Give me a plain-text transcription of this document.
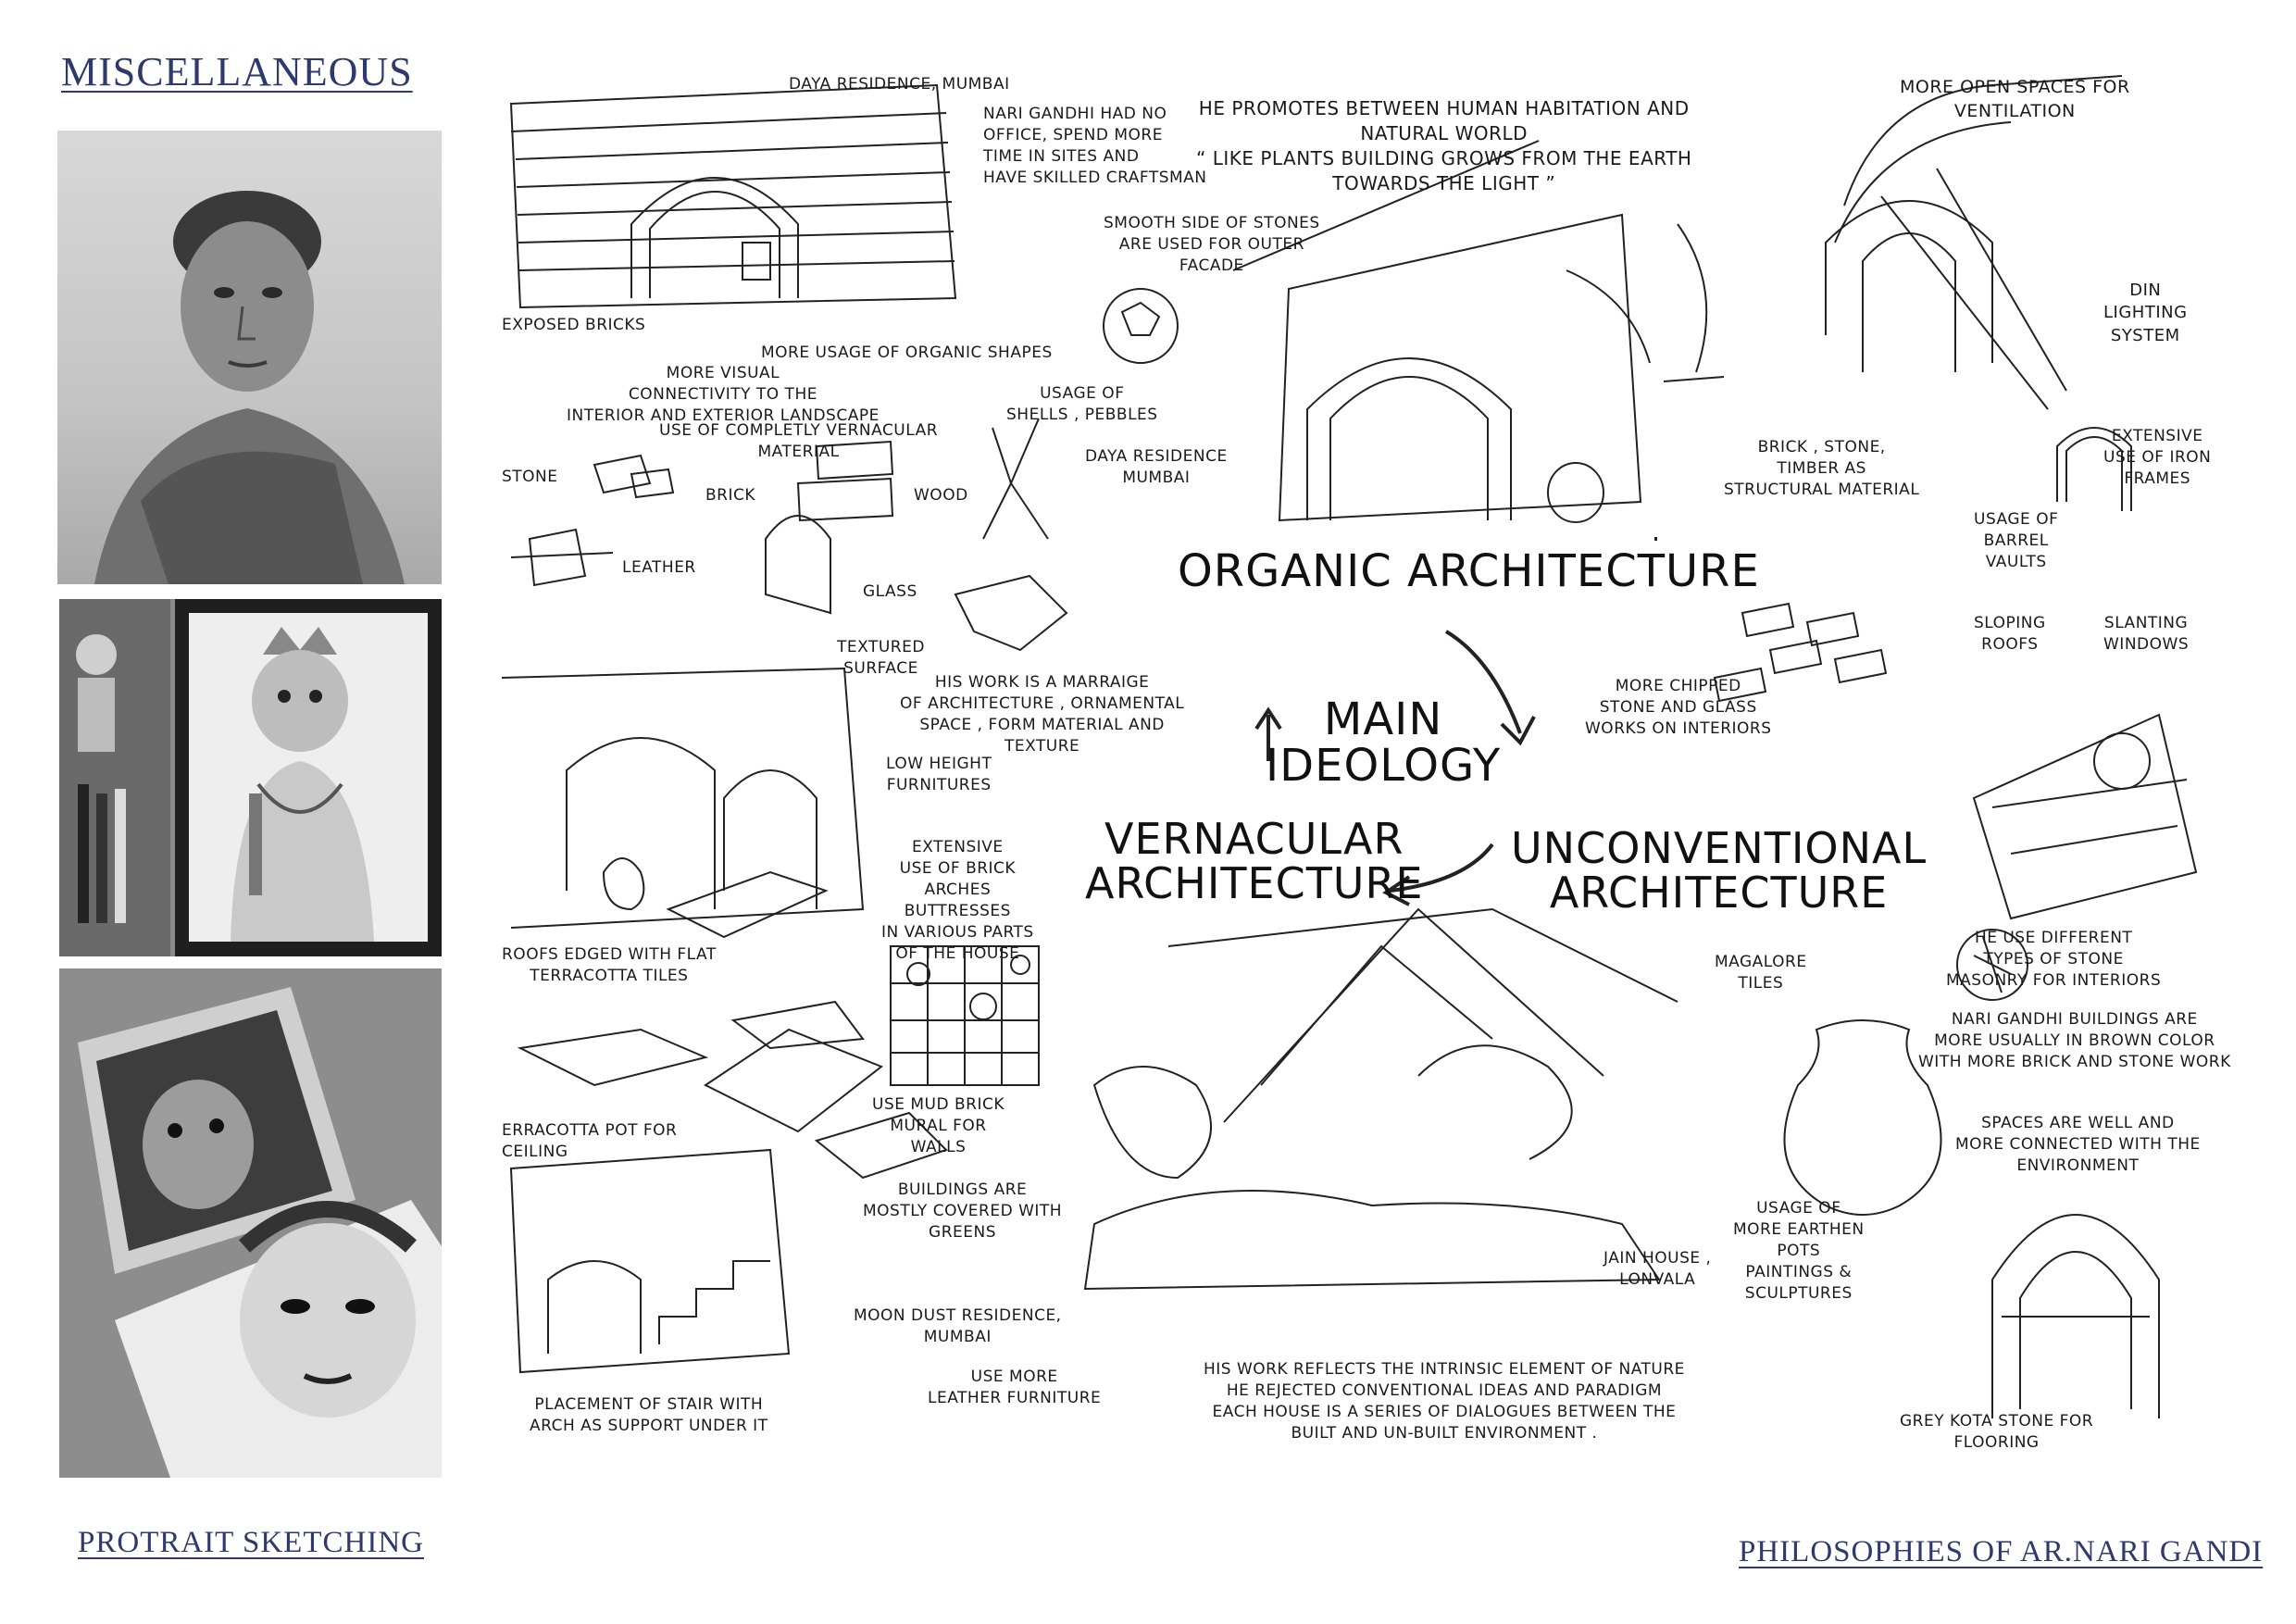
MISCELLANEOUS
PROTRAIT SKETCHING
ORGANIC ARCHITECTURE
MAIN
IDEOLOGY
VERNACULAR
ARCHITECTURE
UNCONVENTIONAL
ARCHITECTURE
DAYA RESIDENCE, MUMBAI
NARI GANDHI HAD NO
OFFICE, SPEND MORE
TIME IN SITES AND
HAVE SKILLED CRAFTSMAN
HE PROMOTES BETWEEN HUMAN HABITATION AND
NATURAL WORLD
“ LIKE PLANTS BUILDING GROWS FROM THE EARTH
TOWARDS THE LIGHT ”
MORE OPEN SPACES FOR
VENTILATION
SMOOTH SIDE OF STONES
ARE USED FOR OUTER
FACADE
EXPOSED BRICKS
MORE USAGE OF ORGANIC SHAPES
MORE VISUAL
CONNECTIVITY TO THE
INTERIOR AND EXTERIOR LANDSCAPE
USAGE OF
SHELLS , PEBBLES
DIN
LIGHTING
SYSTEM
USE OF COMPLETLY VERNACULAR
MATERIAL	DAYA RESIDENCE
MUMBAI
STONE
BRICK	WOOD
BRICK , STONE,
TIMBER AS
STRUCTURAL MATERIAL
EXTENSIVE
USE OF IRON
FRAMES
USAGE OF
BARREL
VAULTS
LEATHER
GLASS
TEXTURED
SURFACE
SLOPING
ROOFS
SLANTING
WINDOWS
HIS WORK IS A MARRAIGE
OF ARCHITECTURE , ORNAMENTAL
SPACE , FORM MATERIAL AND
TEXTURE
MORE CHIPPED
STONE AND GLASS
WORKS ON INTERIORS
LOW HEIGHT
FURNITURES
EXTENSIVE
USE OF BRICK
ARCHES
BUTTRESSES
IN VARIOUS PARTS
OF THE HOUSE
ROOFS EDGED WITH FLAT
TERRACOTTA TILES
MAGALORE
TILES
HE USE DIFFERENT
TYPES OF STONE
MASONRY FOR INTERIORS
NARI GANDHI BUILDINGS ARE
MORE USUALLY IN BROWN COLOR
WITH MORE BRICK AND STONE WORK
ERRACOTTA POT FOR
CEILING
USE MUD BRICK
MURAL FOR
WALLS
SPACES ARE WELL AND
MORE CONNECTED WITH THE
ENVIRONMENT
BUILDINGS ARE
MOSTLY COVERED WITH
GREENS
USAGE OF
MORE EARTHEN
POTS
PAINTINGS &
SCULPTURES
JAIN HOUSE ,
LONVALA
MOON DUST RESIDENCE,
MUMBAI
USE MORE
LEATHER FURNITURE
HIS WORK REFLECTS THE INTRINSIC ELEMENT OF NATURE
HE REJECTED CONVENTIONAL IDEAS AND PARADIGM
EACH HOUSE IS A SERIES OF DIALOGUES BETWEEN THE
BUILT AND UN-BUILT ENVIRONMENT .
PLACEMENT OF STAIR WITH
ARCH AS SUPPORT UNDER IT	GREY KOTA STONE FOR
FLOORING
PHILOSOPHIES OF AR.NARI GANDI
